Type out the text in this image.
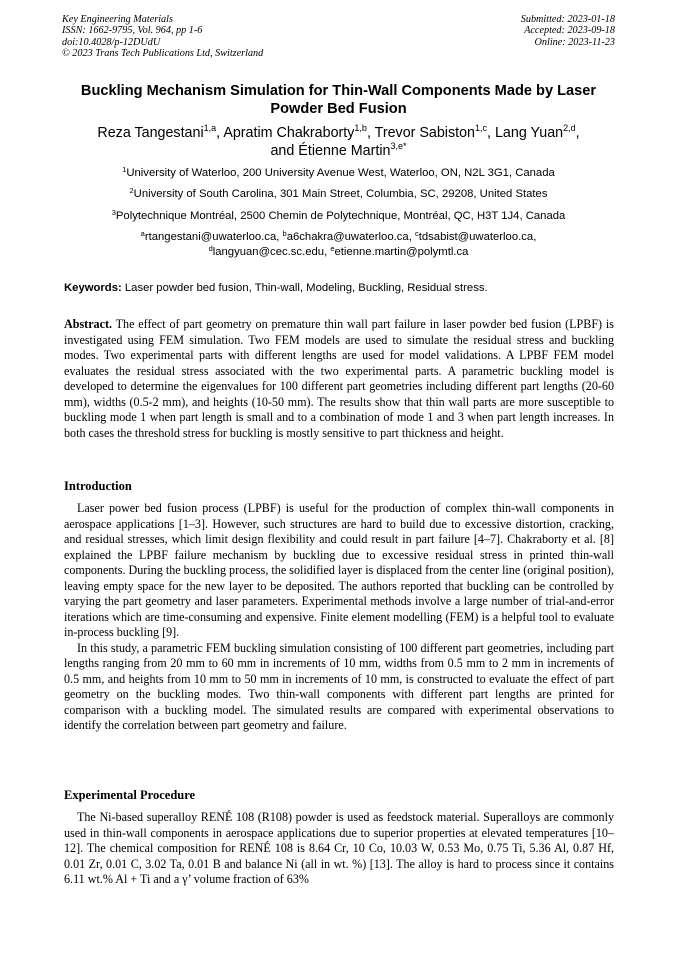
Key Engineering Materials
ISSN: 1662-9795, Vol. 964, pp 1-6
doi:10.4028/p-12DUdU
© 2023 Trans Tech Publications Ltd, Switzerland
Submitted: 2023-01-18
Accepted: 2023-09-18
Online: 2023-11-23
Buckling Mechanism Simulation for Thin-Wall Components Made by Laser Powder Bed Fusion
Reza Tangestani$^{1,a}$, Apratim Chakraborty$^{1,b}$, Trevor Sabiston$^{1,c}$, Lang Yuan$^{2,d}$,
and Étienne Martin$^{3,e*}$
$^1$University of Waterloo, 200 University Avenue West, Waterloo, ON, N2L 3G1, Canada
$^2$University of South Carolina, 301 Main Street, Columbia, SC, 29208, United States
$^3$Polytechnique Montréal, 2500 Chemin de Polytechnique, Montréal, QC, H3T 1J4, Canada
$^a$rtangestani@uwaterloo.ca, $^b$a6chakra@uwaterloo.ca, $^c$tdsabist@uwaterloo.ca,
$^d$langyuan@cec.sc.edu, $^e$etienne.martin@polymtl.ca
Keywords: Laser powder bed fusion, Thin-wall, Modeling, Buckling, Residual stress.
Abstract. The effect of part geometry on premature thin wall part failure in laser powder bed fusion (LPBF) is investigated using FEM simulation. Two FEM models are used to simulate the residual stress and buckling modes. Two experimental parts with different lengths are used for model validations. A LPBF FEM model evaluates the residual stress associated with the two experimental parts. A parametric buckling model is developed to determine the eigenvalues for 100 different part geometries including different part lengths (20-60 mm), widths (0.5-2 mm), and heights (10-50 mm). The results show that thin wall parts are more susceptible to buckling mode 1 when part length is small and to a combination of mode 1 and 3 when part length increases. In both cases the threshold stress for buckling is mostly sensitive to part thickness and height.
Introduction

Laser power bed fusion process (LPBF) is useful for the production of complex thin-wall components in aerospace applications [1–3]. However, such structures are hard to build due to excessive distortion, cracking, and residual stresses, which limit design flexibility and could result in part failure [4–7]. Chakraborty et al. [8] explained the LPBF failure mechanism by buckling due to excessive residual stress in printed thin-wall components. During the buckling process, the solidified layer is displaced from the center line (original position), leaving empty space for the new layer to be deposited. The authors reported that buckling can be controlled by varying the part geometry and laser parameters. Experimental methods involve a large number of trial-and-error iterations which are time-consuming and expensive. Finite element modelling (FEM) is a helpful tool to evaluate in-process buckling [9].

In this study, a parametric FEM buckling simulation consisting of 100 different part geometries, including part lengths ranging from 20 mm to 60 mm in increments of 10 mm, widths from 0.5 mm to 2 mm in increments of 0.5 mm, and heights from 10 mm to 50 mm in increments of 10 mm, is constructed to evaluate the effect of part geometry on the buckling modes. Two thin-wall components with different part lengths are printed for comparison with a buckling model. The simulated results are compared with experimental observations to identify the correlation between part geometry and failure.

Experimental Procedure

The Ni-based superalloy RENÉ 108 (R108) powder is used as feedstock material. Superalloys are commonly used in thin-wall components in aerospace applications due to superior properties at elevated temperatures [10–12]. The chemical composition for RENÉ 108 is 8.64 Cr, 10 Co, 10.03 W, 0.53 Mo, 0.75 Ti, 5.36 Al, 0.87 Hf, 0.01 Zr, 0.01 C, 3.02 Ta, 0.01 B and balance Ni (all in wt. %) [13]. The alloy is hard to process since it contains 6.11 wt.% Al + Ti and a γ’ volume fraction of 63%
